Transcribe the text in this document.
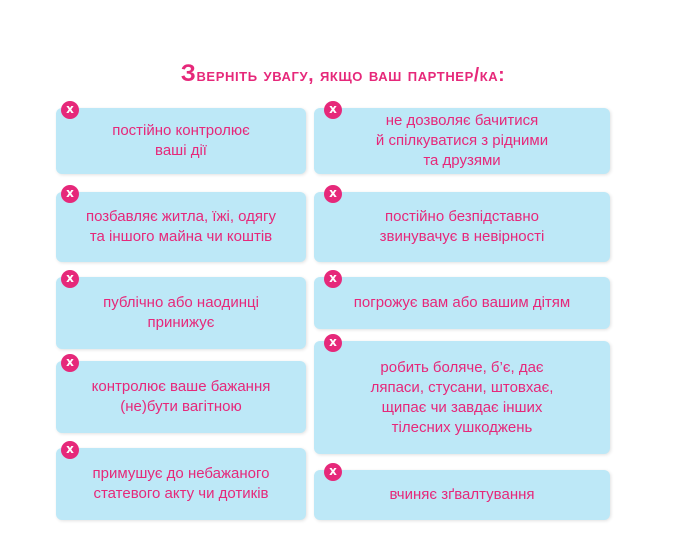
Зверніть увагу, якщо ваш партнер/ка:
постійно контролює
ваші дії
x
позбавляє житла, їжі, одягу
та іншого майна чи коштів
x
публічно або наодинці
принижує
x
контролює ваше бажання
(не)бути вагітною
x
примушує до небажаного
статевого акту чи дотиків
x
не дозволяє бачитися
й спілкуватися з рідними
та друзями
x
постійно безпідставно
звинувачує в невірності
x
погрожує вам або вашим дітям
x
робить боляче, б’є, дає
ляпаси, стусани, штовхає,
щипає чи завдає інших
тілесних ушкоджень
x
вчиняє зґвалтування
x
